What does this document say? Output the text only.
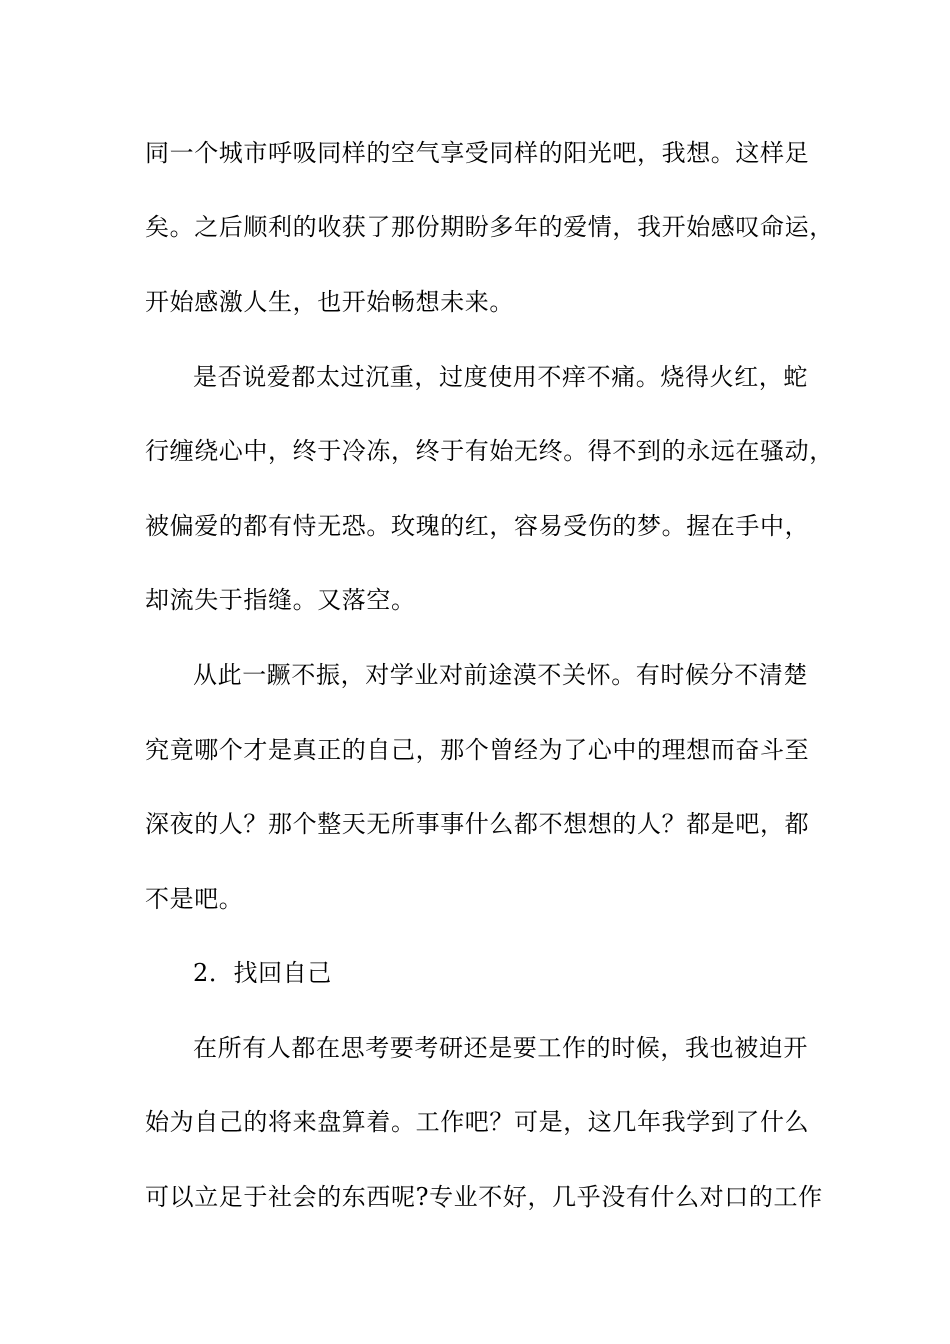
同一个城市呼吸同样的空气享受同样的阳光吧，我想。这样足
矣。之后顺利的收获了那份期盼多年的爱情，我开始感叹命运，
开始感激人生，也开始畅想未来。
是否说爱都太过沉重，过度使用不痒不痛。烧得火红，蛇
行缠绕心中，终于冷冻，终于有始无终。得不到的永远在骚动，
被偏爱的都有恃无恐。玫瑰的红，容易受伤的梦。握在手中，
却流失于指缝。又落空。
从此一蹶不振，对学业对前途漠不关怀。有时候分不清楚
究竟哪个才是真正的自己，那个曾经为了心中的理想而奋斗至
深夜的人？那个整天无所事事什么都不想想的人？都是吧，都
不是吧。
2．找回自己
在所有人都在思考要考研还是要工作的时候，我也被迫开
始为自己的将来盘算着。工作吧？可是，这几年我学到了什么
可以立足于社会的东西呢?专业不好，几乎没有什么对口的工作
